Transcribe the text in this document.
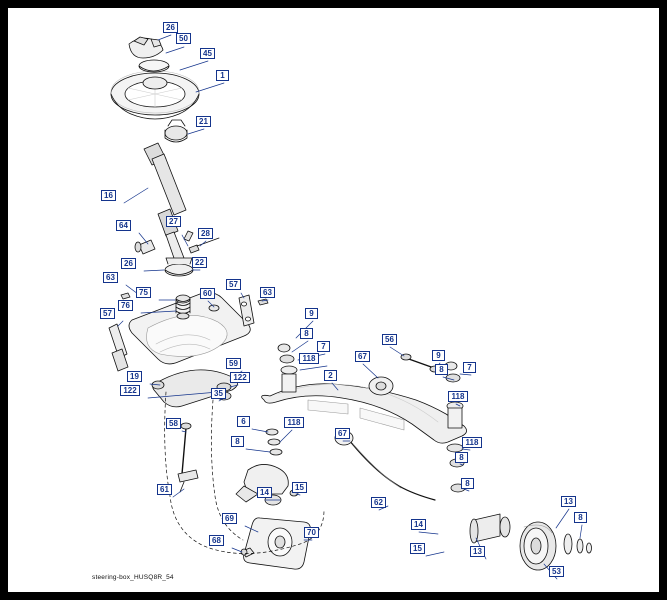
steering-box_HUSQ8R_54
26
50
45
1
21
16
64	27
28
26	22
63
75
76
60
57
63
57	9
8
7
56
9
67
7
8
118
59
2
118
19	122
122	35
6	118
58
67
118
8
8
8
14
15
61
62	13
8
14
69
70
68
15	13
53
